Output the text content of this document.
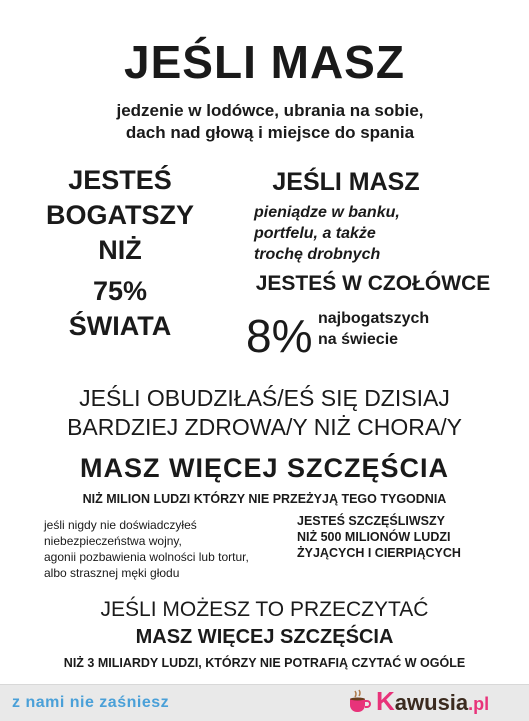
JEŚLI MASZ
jedzenie w lodówce, ubrania na sobie,
dach nad głową i miejsce do spania
JESTEŚ
BOGATSZY
NIŻ
75%
ŚWIATA
JEŚLI MASZ
pieniądze w banku,
portfelu, a także
trochę drobnych
JESTEŚ W CZOŁÓWCE
8% najbogatszych
na świecie
JEŚLI OBUDZIŁAŚ/EŚ SIĘ DZISIAJ
BARDZIEJ ZDROWA/Y NIŻ CHORA/Y
MASZ WIĘCEJ SZCZĘŚCIA
NIŻ MILION LUDZI KTÓRZY NIE PRZEŻYJĄ TEGO TYGODNIA
jeśli nigdy nie doświadczyłeś
niebezpieczeństwa wojny,
agonii pozbawienia wolności lub tortur,
albo strasznej męki głodu
JESTEŚ SZCZĘŚLIWSZY
NIŻ 500 MILIONÓW LUDZI
ŻYJĄCYCH I CIERPIĄCYCH
JEŚLI MOŻESZ TO PRZECZYTAĆ
MASZ WIĘCEJ SZCZĘŚCIA
NIŻ 3 MILIARDY LUDZI, KTÓRZY NIE POTRAFIĄ CZYTAĆ W OGÓLE
z nami nie zaśniesz	Kawusia.pl
